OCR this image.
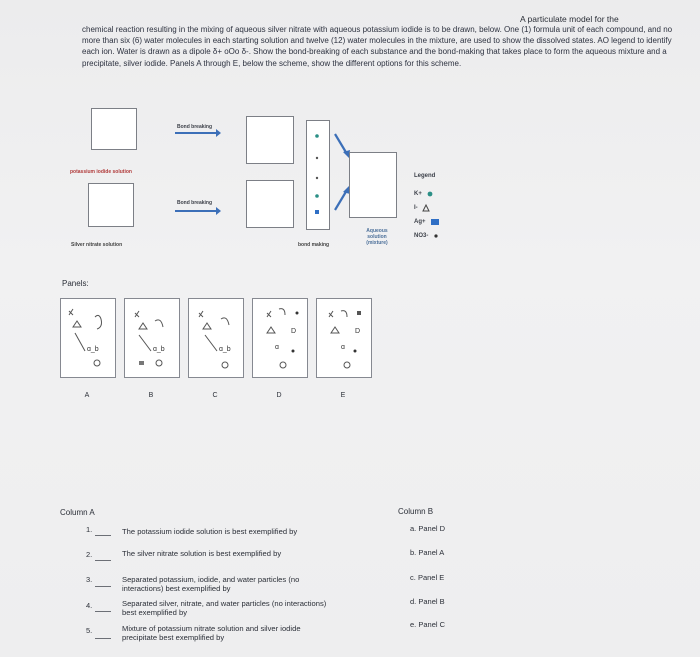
A particulate model for the
chemical reaction resulting in the mixing of aqueous silver nitrate with aqueous potassium iodide is to be drawn, below. One (1) formula unit of each compound, and no more than six (6) water molecules in each starting solution and twelve (12) water molecules in the mixture, are used to show the dissolved states. AO legend to identify each ion. Water is drawn as a dipole δ+ oOo δ-. Show the bond-breaking of each substance and the bond-making that takes place to form the aqueous mixture and a precipitate, silver iodide. Panels A through E, below the scheme, show the different options for this scheme.
potassium iodide solution
Silver nitrate solution
Bond breaking
Bond breaking
bond making
Aqueous solution (mixture)
Legend
K+
I-
Ag+
NO3-
Panels:
ɑ_b	ɑ_b	ɑ_b
D
ɑ
D
ɑ
A	B	C	D	E
Column A	Column B
1.	The potassium iodide solution is best exemplified by
2.	The silver nitrate solution is best exemplified by
3.	Separated potassium, iodide, and water particles (no interactions) best exemplified by
4.	Separated silver, nitrate, and water particles (no interactions) best exemplified by
5.	Mixture of potassium nitrate solution and silver iodide precipitate best exemplified by
a. Panel D
b. Panel A
c. Panel E
d. Panel B
e. Panel C
